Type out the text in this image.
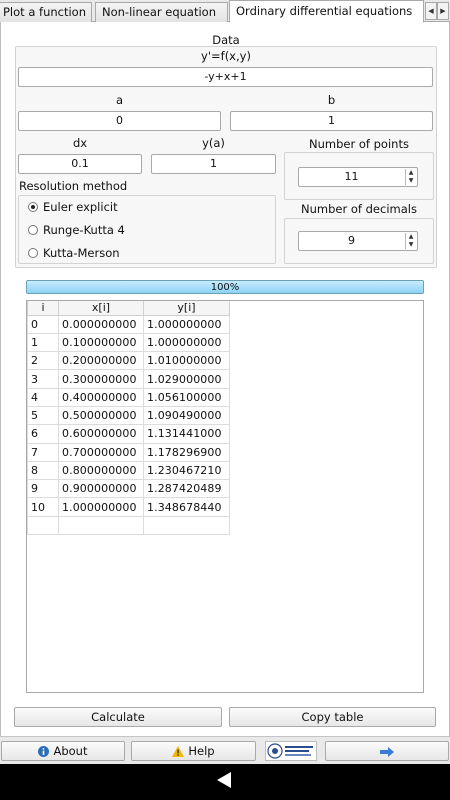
Plot a function	Non-linear equation	Ordinary differential equations	◀ ▶
Data
y'=f(x,y)
-y+x+1
a
0
b
1
dx
0.1
y(a)
1
Number of points
11	▲
▼
Resolution method
Euler explicit
Runge-Kutta 4
Kutta-Merson
Number of decimals
9	▲
▼
100%
i	x[i]	y[i]
0	0.000000000	1.000000000
1	0.100000000	1.000000000
2	0.200000000	1.010000000
3	0.300000000	1.029000000
4	0.400000000	1.056100000
5	0.500000000	1.090490000
6	0.600000000	1.131441000
7	0.700000000	1.178296900
8	0.800000000	1.230467210
9	0.900000000	1.287420489
10	1.000000000	1.348678440

Calculate	Copy table
About	Help
